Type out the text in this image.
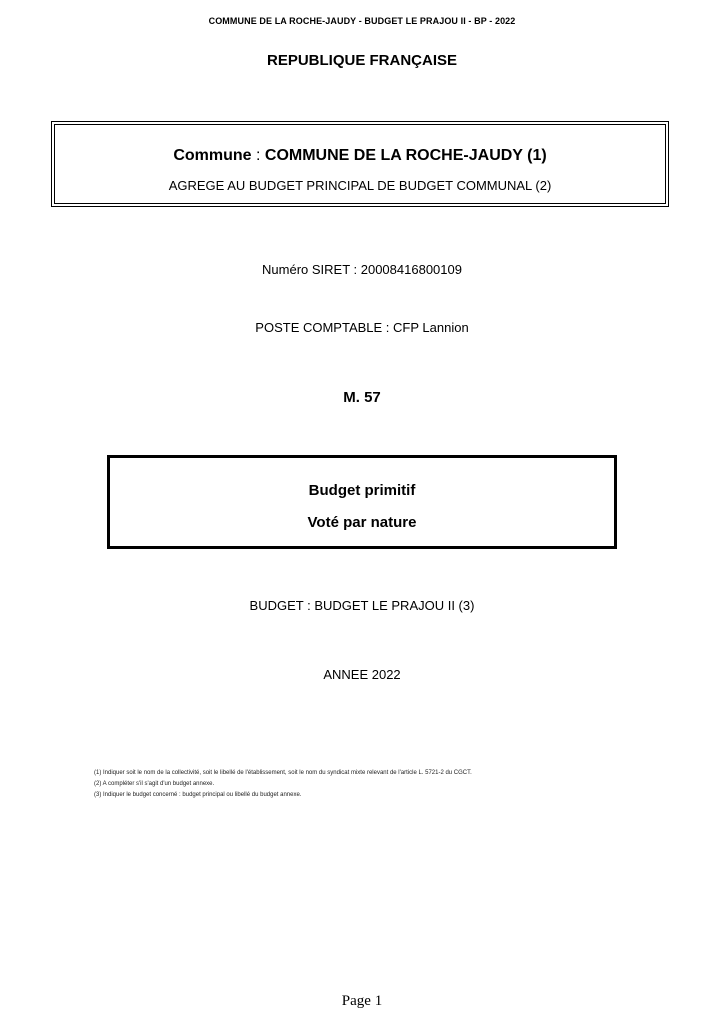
COMMUNE DE LA ROCHE-JAUDY - BUDGET LE PRAJOU II - BP - 2022
REPUBLIQUE FRANÇAISE
Commune : COMMUNE DE LA ROCHE-JAUDY (1)
AGREGE AU BUDGET PRINCIPAL DE BUDGET COMMUNAL (2)
Numéro SIRET : 20008416800109
POSTE COMPTABLE : CFP Lannion
M. 57
Budget primitif
Voté par nature
BUDGET : BUDGET LE PRAJOU II (3)
ANNEE 2022
(1) Indiquer soit le nom de la collectivité, soit le libellé de l'établissement, soit le nom du syndicat mixte relevant de l'article L. 5721-2 du CGCT.
(2) A compléter s'il s'agit d'un budget annexe.
(3) Indiquer le budget concerné : budget principal ou libellé du budget annexe.
Page 1
